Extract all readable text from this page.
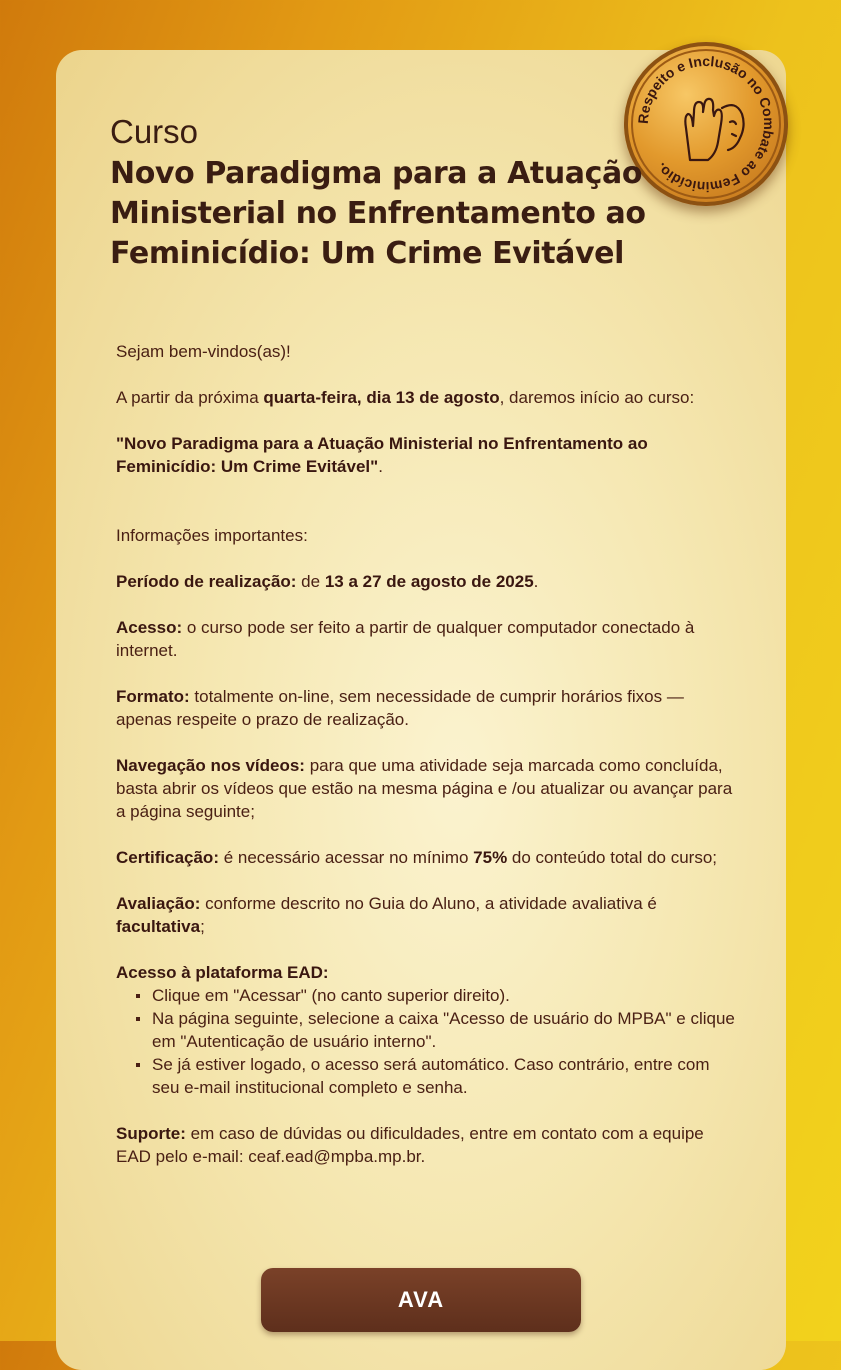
Respeito e Inclusão no Combate ao Feminicídio.
Curso
Novo Paradigma para a Atuação Ministerial no Enfrentamento ao Feminicídio: Um Crime Evitável

Sejam bem-vindos(as)!

A partir da próxima quarta-feira, dia 13 de agosto, daremos início ao curso:

"Novo Paradigma para a Atuação Ministerial no Enfrentamento ao Feminicídio: Um Crime Evitável".

Informações importantes:

Período de realização: de 13 a 27 de agosto de 2025.

Acesso: o curso pode ser feito a partir de qualquer computador conectado à internet.

Formato: totalmente on-line, sem necessidade de cumprir horários fixos — apenas respeite o prazo de realização.

Navegação nos vídeos: para que uma atividade seja marcada como concluída, basta abrir os vídeos que estão na mesma página e /ou atualizar ou avançar para a página seguinte;

Certificação: é necessário acessar no mínimo 75% do conteúdo total do curso;

Avaliação: conforme descrito no Guia do Aluno, a atividade avaliativa é facultativa;

Acesso à plataforma EAD:

Clique em "Acessar" (no canto superior direito).
Na página seguinte, selecione a caixa "Acesso de usuário do MPBA" e clique em "Autenticação de usuário interno".
Se já estiver logado, o acesso será automático. Caso contrário, entre com seu e-mail institucional completo e senha.

Suporte: em caso de dúvidas ou dificuldades, entre em contato com a equipe EAD pelo e-mail: ceaf.ead@mpba.mp.br.

AVA
